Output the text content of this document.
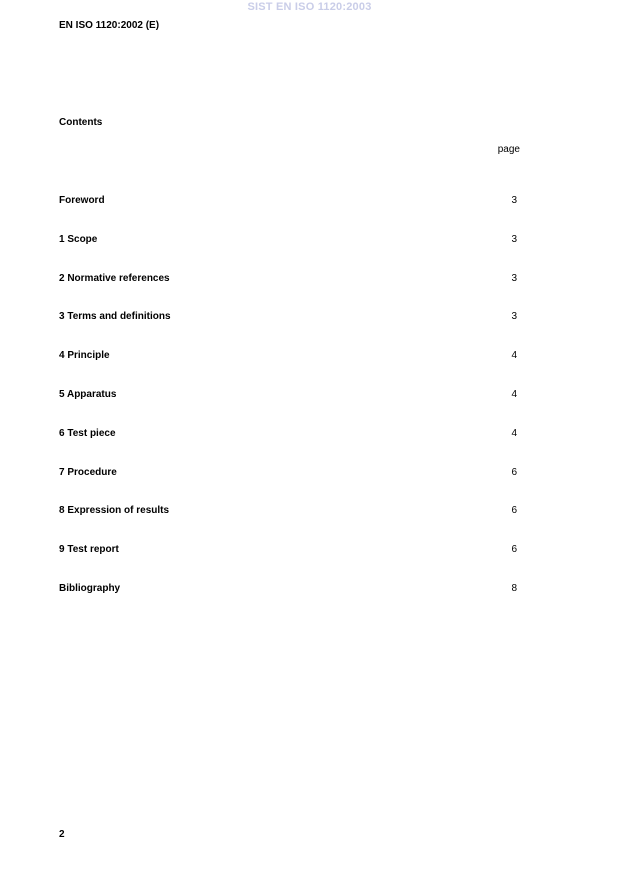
SIST EN ISO 1120:2003
EN ISO 1120:2002 (E)
Contents
page
Foreword	3
1 Scope	3
2 Normative references	3
3 Terms and definitions	3
4 Principle	4
5 Apparatus	4
6 Test piece	4
7 Procedure	6
8 Expression of results	6
9 Test report	6
Bibliography	8
2
